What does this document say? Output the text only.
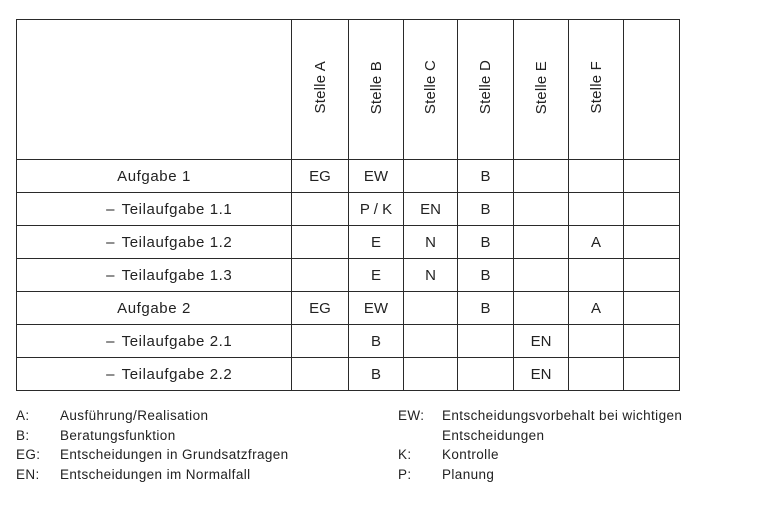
	Stelle A	Stelle B	Stelle C	Stelle D	Stelle E	Stelle F	
Aufgabe 1	EG	EW		B			
– Teilaufgabe 1.1		P / K	EN	B			
– Teilaufgabe 1.2		E	N	B		A	
– Teilaufgabe 1.3		E	N	B			
Aufgabe 2	EG	EW		B		A	
– Teilaufgabe 2.1		B			EN		
– Teilaufgabe 2.2		B			EN		
A:	Ausführung/Realisation
B:	Beratungsfunktion
EG:	Entscheidungen in Grundsatzfragen
EN:	Entscheidungen im Normalfall
EW:	Entscheidungsvorbehalt bei wichtigen
Entscheidungen
K:	Kontrolle
P:	Planung
